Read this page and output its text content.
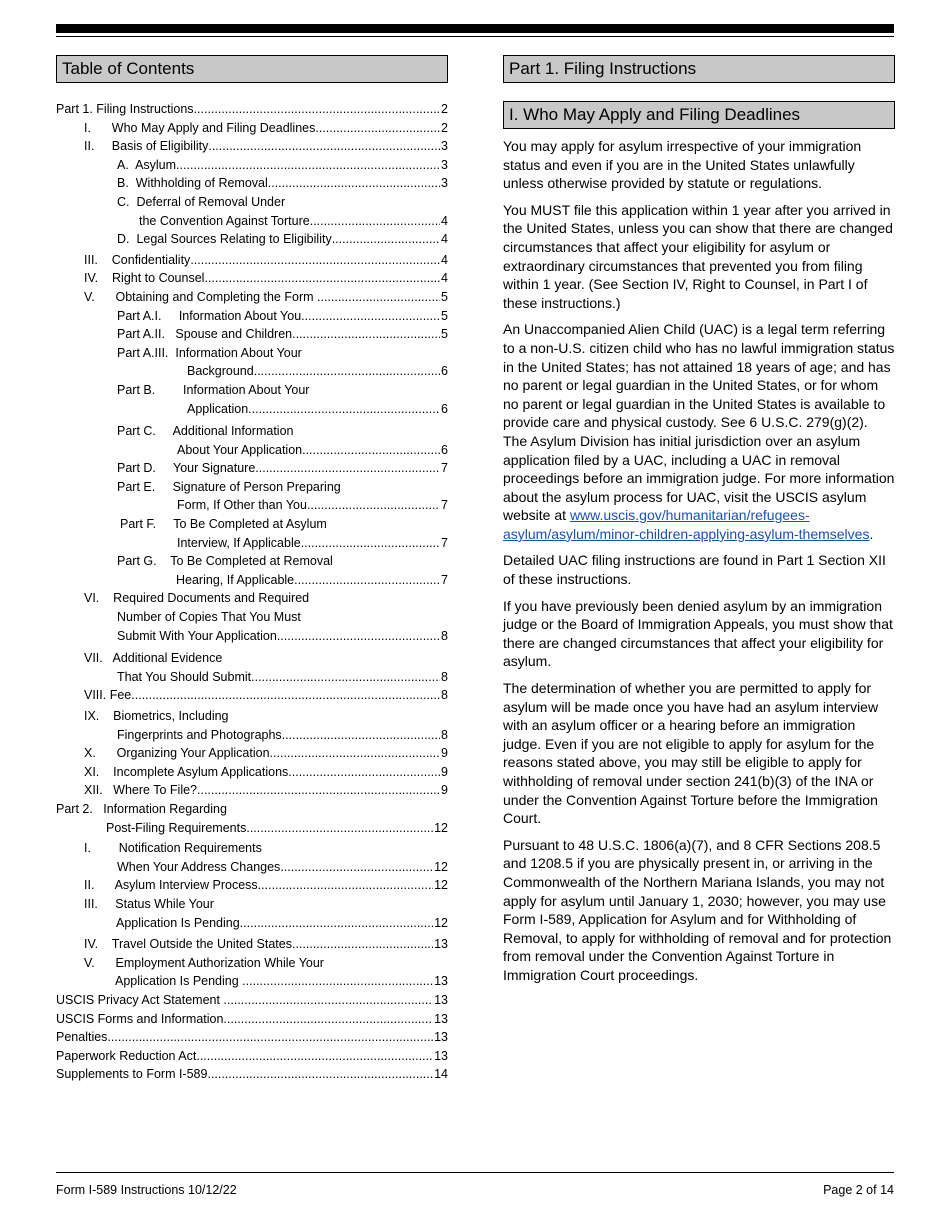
Table of Contents
Part 1. Filing Instructions .....	2
I.      Who May Apply and Filing Deadlines .....	2
II.     Basis of Eligibility .....	3
A.  Asylum .....	3
B.  Withholding of Removal .....	3
C.  Deferral of Removal Under
the Convention Against Torture .....	4
D.  Legal Sources Relating to Eligibility .....	4
III.    Confidentiality .....	4
IV.    Right to Counsel .....	4
V.      Obtaining and Completing the Form .....	5
Part A.I.     Information About You .....	5
Part A.II.   Spouse and Children .....	5
Part A.III.  Information About Your
Background .....	6
Part B.        Information About Your
Application .....	6
Part C.     Additional Information
About Your Application .....	6
Part D.     Your Signature .....	7
Part E.     Signature of Person Preparing
Form, If Other than You .....	7
Part F.     To Be Completed at Asylum
Interview, If Applicable .....	7
Part G.    To Be Completed at Removal
Hearing, If Applicable .....	7
VI.    Required Documents and Required
Number of Copies That You Must
Submit With Your Application .....	8
VII.   Additional Evidence
That You Should Submit .....	8
VIII. Fee .....	8
IX.    Biometrics, Including
Fingerprints and Photographs .....	8
X.      Organizing Your Application .....	9
XI.    Incomplete Asylum Applications .....	9
XII.   Where To File? .....	9
Part 2.   Information Regarding
Post-Filing Requirements .....	12
I.        Notification Requirements
When Your Address Changes .....	12
II.      Asylum Interview Process .....	12
III.     Status While Your
Application Is Pending .....	12
IV.    Travel Outside the United States .....	13
V.      Employment Authorization While Your
Application Is Pending .....	13
USCIS Privacy Act Statement .....	13
USCIS Forms and Information .....	13
Penalties .....	13
Paperwork Reduction Act .....	13
Supplements to Form I-589 .....	14
Part 1. Filing Instructions
I. Who May Apply and Filing Deadlines

You may apply for asylum irrespective of your immigration status and even if you are in the United States unlawfully unless otherwise provided by statute or regulations.

You MUST file this application within 1 year after you arrived in the United States, unless you can show that there are changed circumstances that affect your eligibility for asylum or extraordinary circumstances that prevented you from filing within 1 year. (See Section IV, Right to Counsel, in Part I of these instructions.)

An Unaccompanied Alien Child (UAC) is a legal term referring to a non-U.S. citizen child who has no lawful immigration status in the United States; has not attained 18 years of age; and has no parent or legal guardian in the United States, or for whom no parent or legal guardian in the United States is available to provide care and physical custody. See 6 U.S.C. 279(g)(2). The Asylum Division has initial jurisdiction over an asylum application filed by a UAC, including a UAC in removal proceedings before an immigration judge. For more information about the asylum process for UAC, visit the USCIS asylum website at www.uscis.gov/humanitarian/refugees-asylum/asylum/minor-children-applying-asylum-themselves.

Detailed UAC filing instructions are found in Part 1 Section XII of these instructions.

If you have previously been denied asylum by an immigration judge or the Board of Immigration Appeals, you must show that there are changed circumstances that affect your eligibility for asylum.

The determination of whether you are permitted to apply for asylum will be made once you have had an asylum interview with an asylum officer or a hearing before an immigration judge. Even if you are not eligible to apply for asylum for the reasons stated above, you may still be eligible to apply for withholding of removal under section 241(b)(3) of the INA or under the Convention Against Torture before the Immigration Court.

Pursuant to 48 U.S.C. 1806(a)(7), and 8 CFR Sections 208.5 and 1208.5 if you are physically present in, or arriving in the Commonwealth of the Northern Mariana Islands, you may not apply for asylum until January 1, 2030; however, you may use Form I-589, Application for Asylum and for Withholding of Removal, to apply for withholding of removal and for protection from removal under the Convention Against Torture in Immigration Court proceedings.

Form I-589 Instructions 10/12/22	Page 2 of 14
